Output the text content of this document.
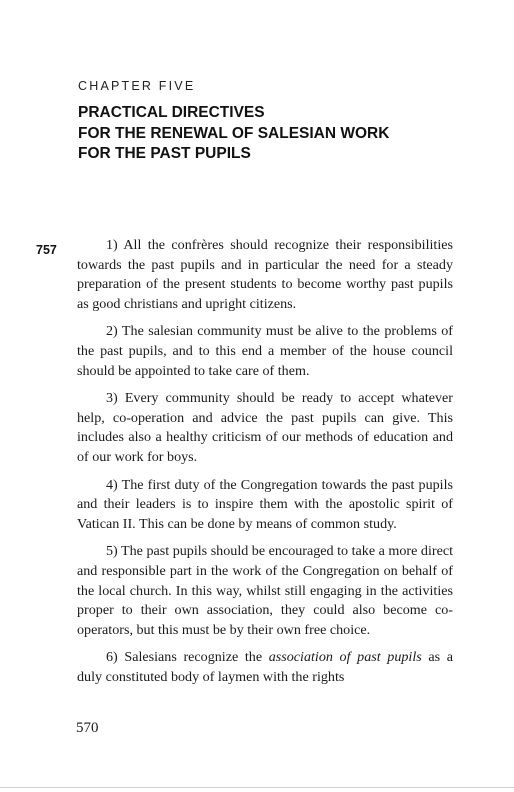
CHAPTER FIVE
PRACTICAL DIRECTIVES
FOR THE RENEWAL OF SALESIAN WORK
FOR THE PAST PUPILS
757	1) All the confrères should recognize their responsibilities towards the past pupils and in particular the need for a steady preparation of the present students to become worthy past pupils as good christians and upright citizens.

2) The salesian community must be alive to the problems of the past pupils, and to this end a member of the house council should be appointed to take care of them.

3) Every community should be ready to accept whatever help, co-operation and advice the past pupils can give. This includes also a healthy criticism of our methods of education and of our work for boys.

4) The first duty of the Congregation towards the past pupils and their leaders is to inspire them with the apostolic spirit of Vatican II. This can be done by means of common study.

5) The past pupils should be encouraged to take a more direct and responsible part in the work of the Congregation on behalf of the local church. In this way, whilst still engaging in the activities proper to their own association, they could also become co-operators, but this must be by their own free choice.

6) Salesians recognize the association of past pupils as a duly constituted body of laymen with the rights

570
